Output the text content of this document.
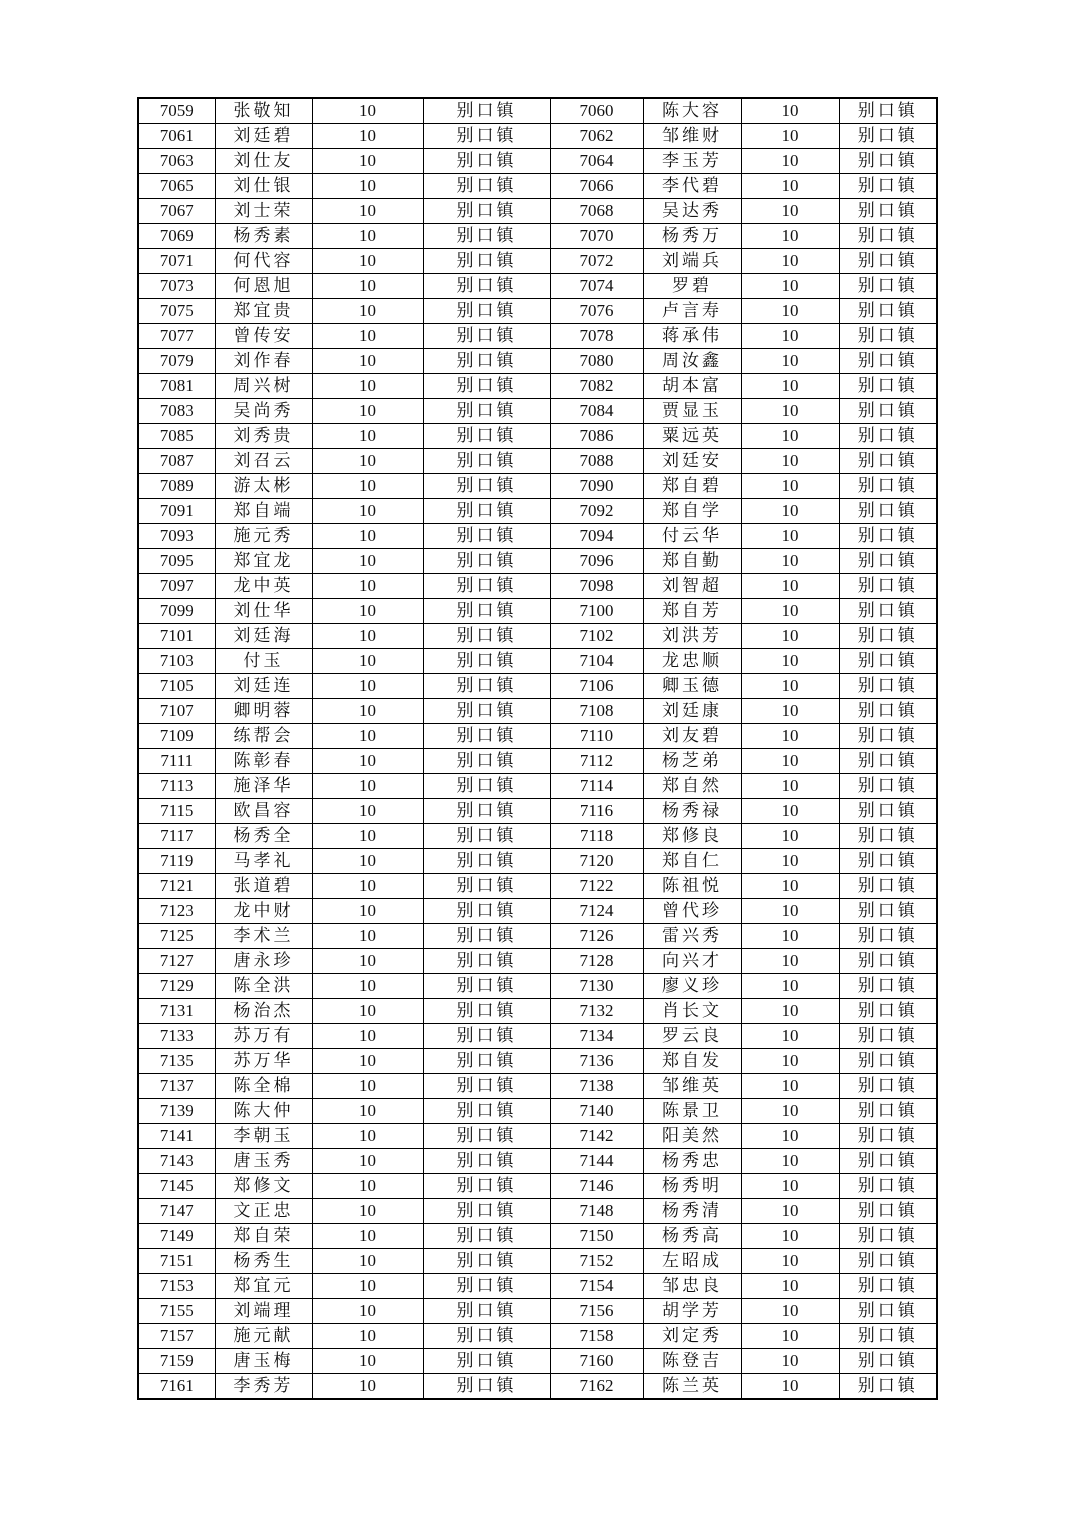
7059	张敬知	10	别口镇	7060	陈大容	10	别口镇
7061	刘廷碧	10	别口镇	7062	邹维财	10	别口镇
7063	刘仕友	10	别口镇	7064	李玉芳	10	别口镇
7065	刘仕银	10	别口镇	7066	李代碧	10	别口镇
7067	刘士荣	10	别口镇	7068	吴达秀	10	别口镇
7069	杨秀素	10	别口镇	7070	杨秀万	10	别口镇
7071	何代容	10	别口镇	7072	刘端兵	10	别口镇
7073	何恩旭	10	别口镇	7074	罗碧	10	别口镇
7075	郑宜贵	10	别口镇	7076	卢言寿	10	别口镇
7077	曾传安	10	别口镇	7078	蒋承伟	10	别口镇
7079	刘作春	10	别口镇	7080	周汝鑫	10	别口镇
7081	周兴树	10	别口镇	7082	胡本富	10	别口镇
7083	吴尚秀	10	别口镇	7084	贾显玉	10	别口镇
7085	刘秀贵	10	别口镇	7086	粟远英	10	别口镇
7087	刘召云	10	别口镇	7088	刘廷安	10	别口镇
7089	游太彬	10	别口镇	7090	郑自碧	10	别口镇
7091	郑自端	10	别口镇	7092	郑自学	10	别口镇
7093	施元秀	10	别口镇	7094	付云华	10	别口镇
7095	郑宜龙	10	别口镇	7096	郑自勤	10	别口镇
7097	龙中英	10	别口镇	7098	刘智超	10	别口镇
7099	刘仕华	10	别口镇	7100	郑自芳	10	别口镇
7101	刘廷海	10	别口镇	7102	刘洪芳	10	别口镇
7103	付玉	10	别口镇	7104	龙忠顺	10	别口镇
7105	刘廷连	10	别口镇	7106	卿玉德	10	别口镇
7107	卿明蓉	10	别口镇	7108	刘廷康	10	别口镇
7109	练帮会	10	别口镇	7110	刘友碧	10	别口镇
7111	陈彰春	10	别口镇	7112	杨芝弟	10	别口镇
7113	施泽华	10	别口镇	7114	郑自然	10	别口镇
7115	欧昌容	10	别口镇	7116	杨秀禄	10	别口镇
7117	杨秀全	10	别口镇	7118	郑修良	10	别口镇
7119	马孝礼	10	别口镇	7120	郑自仁	10	别口镇
7121	张道碧	10	别口镇	7122	陈祖悦	10	别口镇
7123	龙中财	10	别口镇	7124	曾代珍	10	别口镇
7125	李术兰	10	别口镇	7126	雷兴秀	10	别口镇
7127	唐永珍	10	别口镇	7128	向兴才	10	别口镇
7129	陈全洪	10	别口镇	7130	廖义珍	10	别口镇
7131	杨治杰	10	别口镇	7132	肖长文	10	别口镇
7133	苏万有	10	别口镇	7134	罗云良	10	别口镇
7135	苏万华	10	别口镇	7136	郑自发	10	别口镇
7137	陈全棉	10	别口镇	7138	邹维英	10	别口镇
7139	陈大仲	10	别口镇	7140	陈景卫	10	别口镇
7141	李朝玉	10	别口镇	7142	阳美然	10	别口镇
7143	唐玉秀	10	别口镇	7144	杨秀忠	10	别口镇
7145	郑修文	10	别口镇	7146	杨秀明	10	别口镇
7147	文正忠	10	别口镇	7148	杨秀清	10	别口镇
7149	郑自荣	10	别口镇	7150	杨秀高	10	别口镇
7151	杨秀生	10	别口镇	7152	左昭成	10	别口镇
7153	郑宜元	10	别口镇	7154	邹忠良	10	别口镇
7155	刘端理	10	别口镇	7156	胡学芳	10	别口镇
7157	施元献	10	别口镇	7158	刘定秀	10	别口镇
7159	唐玉梅	10	别口镇	7160	陈登吉	10	别口镇
7161	李秀芳	10	别口镇	7162	陈兰英	10	别口镇
